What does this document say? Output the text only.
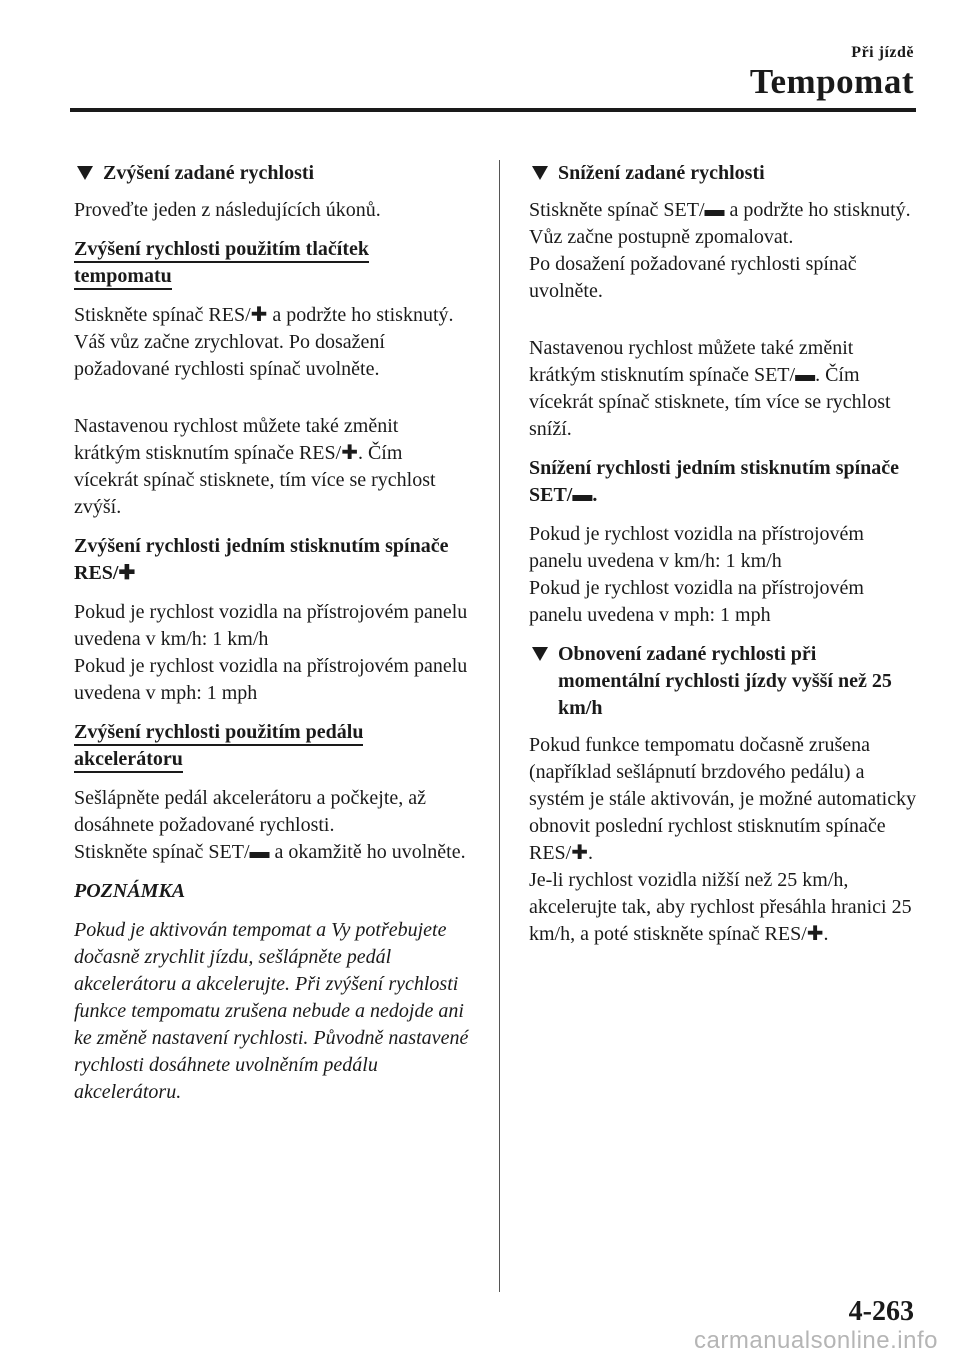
Při jízdě
Tempomat
Zvýšení zadané rychlosti

Proveďte jeden z následujících úkonů.

Zvýšení rychlosti použitím tlačítek
tempomatu

Stiskněte spínač RES/✚ a podržte ho stisknutý. Váš vůz začne zrychlovat. Po dosažení požadované rychlosti spínač uvolněte.

Nastavenou rychlost můžete také změnit krátkým stisknutím spínače RES/✚. Čím vícekrát spínač stisknete, tím více se rychlost zvýší.

Zvýšení rychlosti jedním stisknutím spínače RES/✚

Pokud je rychlost vozidla na přístrojovém panelu uvedena v km/h: 1 km/h

Pokud je rychlost vozidla na přístrojovém panelu uvedena v mph: 1 mph

Zvýšení rychlosti použitím pedálu
akcelerátoru

Sešlápněte pedál akcelerátoru a počkejte, až dosáhnete požadované rychlosti.

Stiskněte spínač SET/▬ a okamžitě ho uvolněte.

POZNÁMKA

Pokud je aktivován tempomat a Vy potřebujete dočasně zrychlit jízdu, sešlápněte pedál akcelerátoru a akcelerujte. Při zvýšení rychlosti funkce tempomatu zrušena nebude a nedojde ani ke změně nastavení rychlosti. Původně nastavené rychlosti dosáhnete uvolněním pedálu akcelerátoru.

Snížení zadané rychlosti

Stiskněte spínač SET/▬ a podržte ho stisknutý. Vůz začne postupně zpomalovat.

Po dosažení požadované rychlosti spínač uvolněte.

Nastavenou rychlost můžete také změnit krátkým stisknutím spínače SET/▬. Čím vícekrát spínač stisknete, tím více se rychlost sníží.

Snížení rychlosti jedním stisknutím spínače SET/▬.

Pokud je rychlost vozidla na přístrojovém panelu uvedena v km/h: 1 km/h

Pokud je rychlost vozidla na přístrojovém panelu uvedena v mph: 1 mph

Obnovení zadané rychlosti při momentální rychlosti jízdy vyšší než 25 km/h

Pokud funkce tempomatu dočasně zrušena (například sešlápnutí brzdového pedálu) a systém je stále aktivován, je možné automaticky obnovit poslední rychlost stisknutím spínače RES/✚.

Je-li rychlost vozidla nižší než 25 km/h, akcelerujte tak, aby rychlost přesáhla hranici 25 km/h, a poté stiskněte spínač RES/✚.

4-263
carmanualsonline.info
